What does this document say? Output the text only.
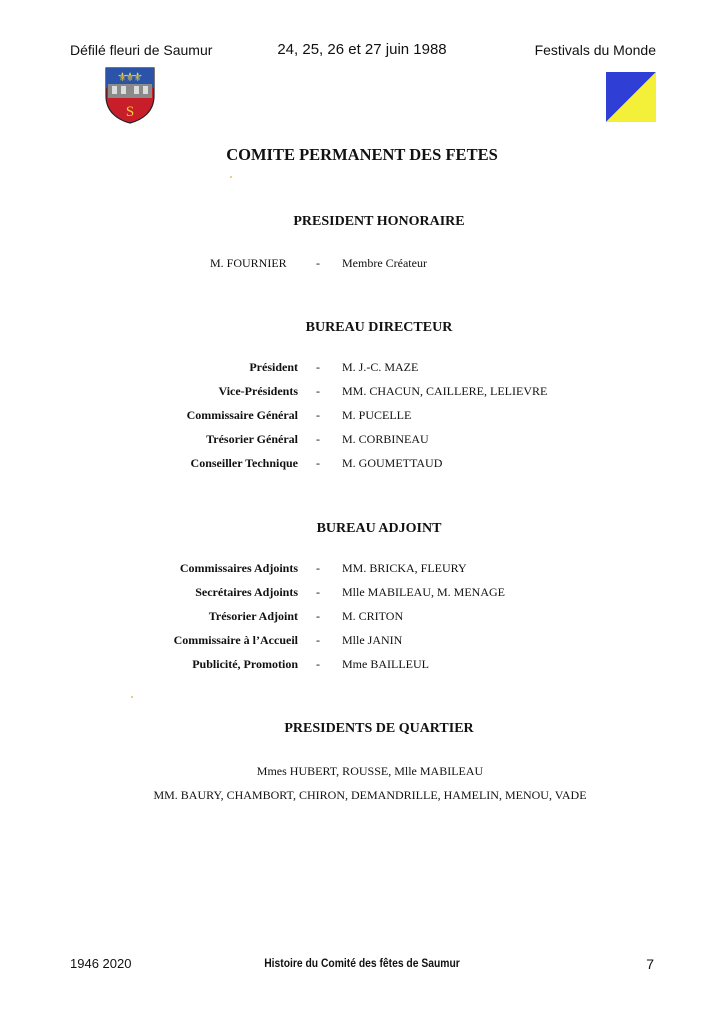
Défilé fleuri de Saumur	24, 25, 26 et 27 juin 1988	Festivals du Monde
⚜
⚜
⚜
S
COMITE PERMANENT DES FETES
PRESIDENT HONORAIRE
M. FOURNIER - Membre Créateur
BUREAU DIRECTEUR
Président - M. J.-C. MAZE
Vice-Présidents - MM. CHACUN, CAILLERE, LELIEVRE
Commissaire Général - M. PUCELLE
Trésorier Général - M. CORBINEAU
Conseiller Technique - M. GOUMETTAUD
BUREAU ADJOINT
Commissaires Adjoints - MM. BRICKA, FLEURY
Secrétaires Adjoints - Mlle MABILEAU, M. MENAGE
Trésorier Adjoint - M. CRITON
Commissaire à l’Accueil - Mlle JANIN
Publicité, Promotion - Mme BAILLEUL
PRESIDENTS DE QUARTIER
Mmes HUBERT, ROUSSE, Mlle MABILEAU
MM. BAURY, CHAMBORT, CHIRON, DEMANDRILLE, HAMELIN, MENOU, VADE
1946 2020	Histoire du Comité des fêtes de Saumur	7
